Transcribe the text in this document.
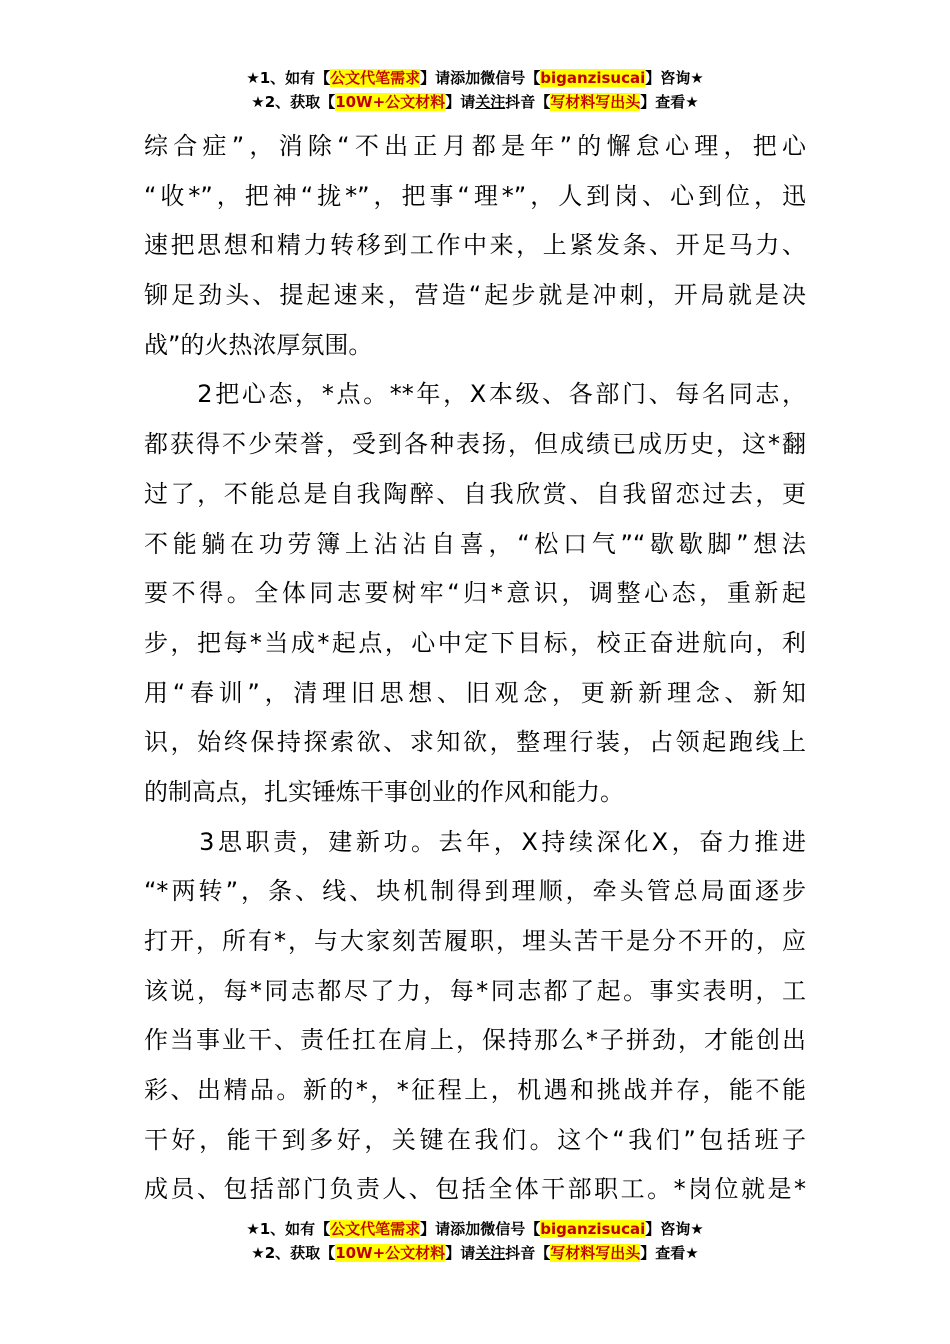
★1、如有【公文代笔需求】请添加微信号【biganzisucai】咨询★
★2、获取【10W+公文材料】请关注抖音【写材料写出头】查看★
综合症”，消除“不出正月都是年”的懈怠心理，把心
“收*”，把神“拢*”，把事“理*”，人到岗、心到位，迅
速把思想和精力转移到工作中来，上紧发条、开足马力、
铆足劲头、提起速来，营造“起步就是冲刺，开局就是决
战”的火热浓厚氛围。
　　2把心态，*点。**年，X本级、各部门、每名同志，
都获得不少荣誉，受到各种表扬，但成绩已成历史，这*翻
过了，不能总是自我陶醉、自我欣赏、自我留恋过去，更
不能躺在功劳簿上沾沾自喜，“松口气”“歇歇脚”想法
要不得。全体同志要树牢“归*意识，调整心态，重新起
步，把每*当成*起点，心中定下目标，校正奋进航向，利
用“春训”，清理旧思想、旧观念，更新新理念、新知
识，始终保持探索欲、求知欲，整理行装，占领起跑线上
的制高点，扎实锤炼干事创业的作风和能力。
　　3思职责，建新功。去年，X持续深化X，奋力推进
“*两转”，条、线、块机制得到理顺，牵头管总局面逐步
打开，所有*，与大家刻苦履职，埋头苦干是分不开的，应
该说，每*同志都尽了力，每*同志都了起。事实表明，工
作当事业干、责任扛在肩上，保持那么*子拼劲，才能创出
彩、出精品。新的*，*征程上，机遇和挑战并存，能不能
干好，能干到多好，关键在我们。这个“我们”包括班子
成员、包括部门负责人、包括全体干部职工。*岗位就是*
★1、如有【公文代笔需求】请添加微信号【biganzisucai】咨询★
★2、获取【10W+公文材料】请关注抖音【写材料写出头】查看★
